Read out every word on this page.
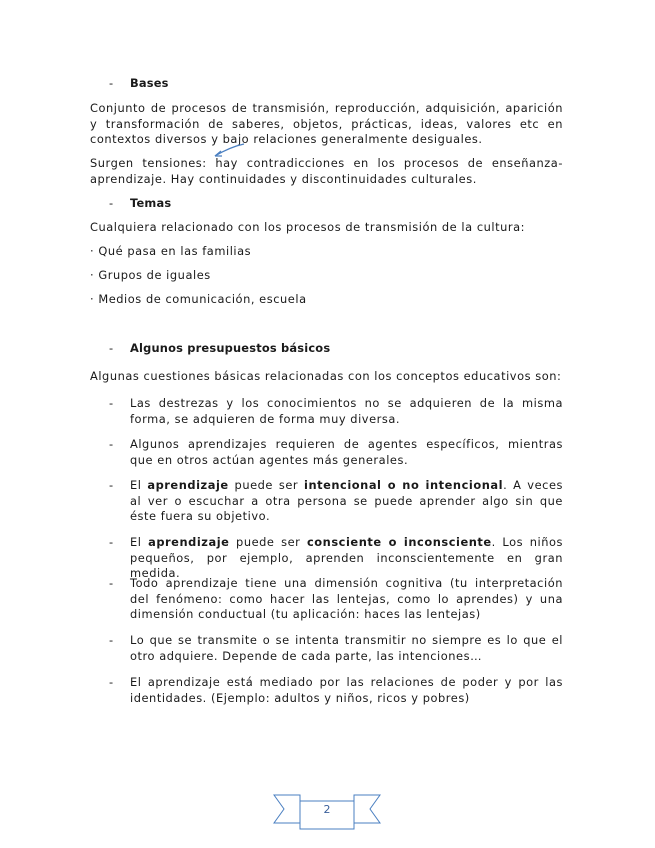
- Bases
Conjunto de procesos de transmisión, reproducción, adquisición, aparición y transformación de saberes, objetos, prácticas, ideas, valores etc en contextos diversos y bajo relaciones generalmente desiguales.
Surgen tensiones: hay contradicciones en los procesos de enseñanza-aprendizaje. Hay continuidades y discontinuidades culturales.
- Temas
Cualquiera relacionado con los procesos de transmisión de la cultura:
· Qué pasa en las familias
· Grupos de iguales
· Medios de comunicación, escuela
- Algunos presupuestos básicos
Algunas cuestiones básicas relacionadas con los conceptos educativos son:
-	Las destrezas y los conocimientos no se adquieren de la misma forma, se adquieren de forma muy diversa.
-	Algunos aprendizajes requieren de agentes específicos, mientras que en otros actúan agentes más generales.
-	El aprendizaje puede ser intencional o no intencional. A veces al ver o escuchar a otra persona se puede aprender algo sin que éste fuera su objetivo.
-	El aprendizaje puede ser consciente o inconsciente. Los niños pequeños, por ejemplo, aprenden inconscientemente en gran medida.
-	Todo aprendizaje tiene una dimensión cognitiva (tu interpretación del fenómeno: como hacer las lentejas, como lo aprendes) y una dimensión conductual (tu aplicación: haces las lentejas)
-	Lo que se transmite o se intenta transmitir no siempre es lo que el otro adquiere. Depende de cada parte, las intenciones…
-	El aprendizaje está mediado por las relaciones de poder y por las identidades. (Ejemplo: adultos y niños, ricos y pobres)
2
